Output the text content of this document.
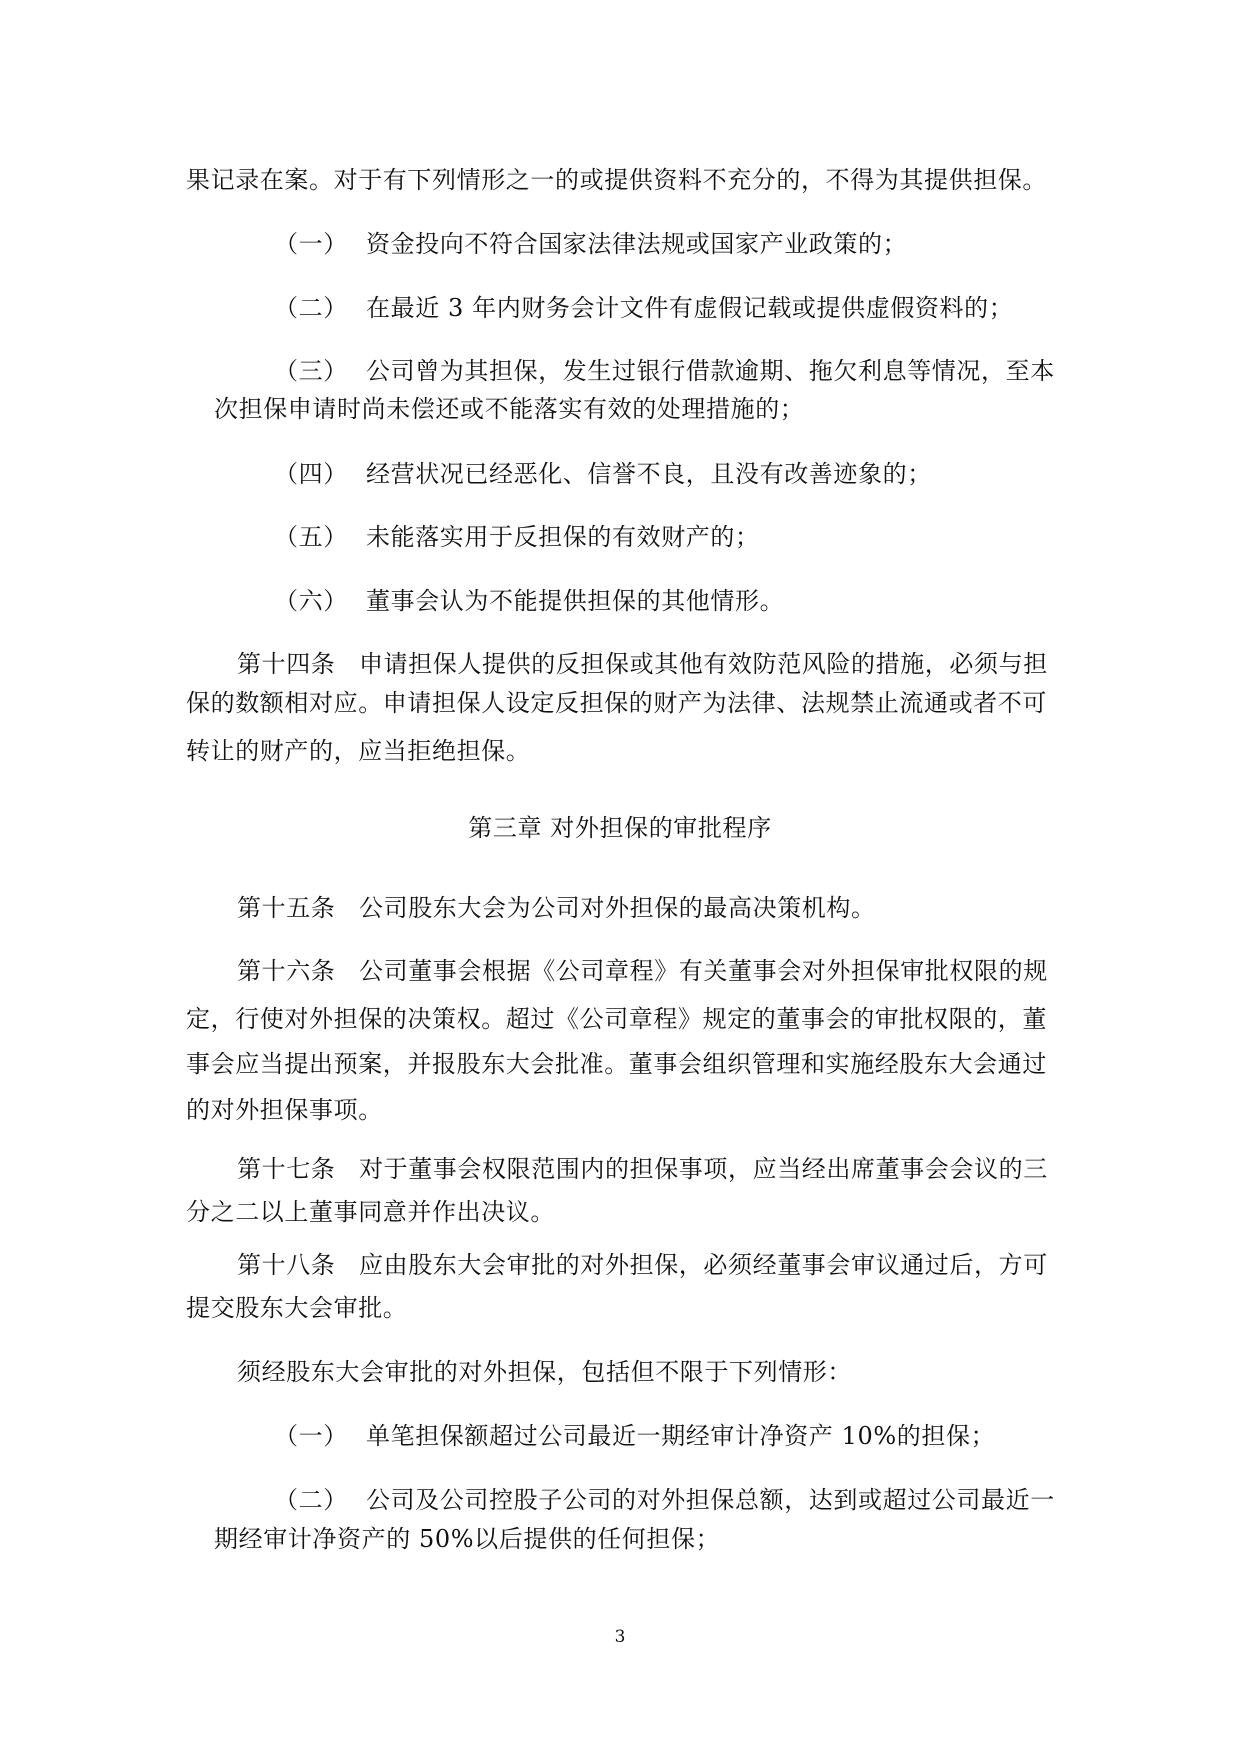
果记录在案。对于有下列情形之一的或提供资料不充分的，不得为其提供担保。
（一） 资金投向不符合国家法律法规或国家产业政策的；
（二） 在最近 3 年内财务会计文件有虚假记载或提供虚假资料的；
（三） 公司曾为其担保，发生过银行借款逾期、拖欠利息等情况，至本
次担保申请时尚未偿还或不能落实有效的处理措施的；
（四） 经营状况已经恶化、信誉不良，且没有改善迹象的；
（五） 未能落实用于反担保的有效财产的；
（六） 董事会认为不能提供担保的其他情形。
第十四条 申请担保人提供的反担保或其他有效防范风险的措施，必须与担
保的数额相对应。申请担保人设定反担保的财产为法律、法规禁止流通或者不可
转让的财产的，应当拒绝担保。
第三章 对外担保的审批程序
第十五条 公司股东大会为公司对外担保的最高决策机构。
第十六条 公司董事会根据《公司章程》有关董事会对外担保审批权限的规
定，行使对外担保的决策权。超过《公司章程》规定的董事会的审批权限的，董
事会应当提出预案，并报股东大会批准。董事会组织管理和实施经股东大会通过
的对外担保事项。
第十七条 对于董事会权限范围内的担保事项，应当经出席董事会会议的三
分之二以上董事同意并作出决议。
第十八条 应由股东大会审批的对外担保，必须经董事会审议通过后，方可
提交股东大会审批。
须经股东大会审批的对外担保，包括但不限于下列情形：
（一） 单笔担保额超过公司最近一期经审计净资产 10%的担保；
（二） 公司及公司控股子公司的对外担保总额，达到或超过公司最近一
期经审计净资产的 50%以后提供的任何担保；
3
